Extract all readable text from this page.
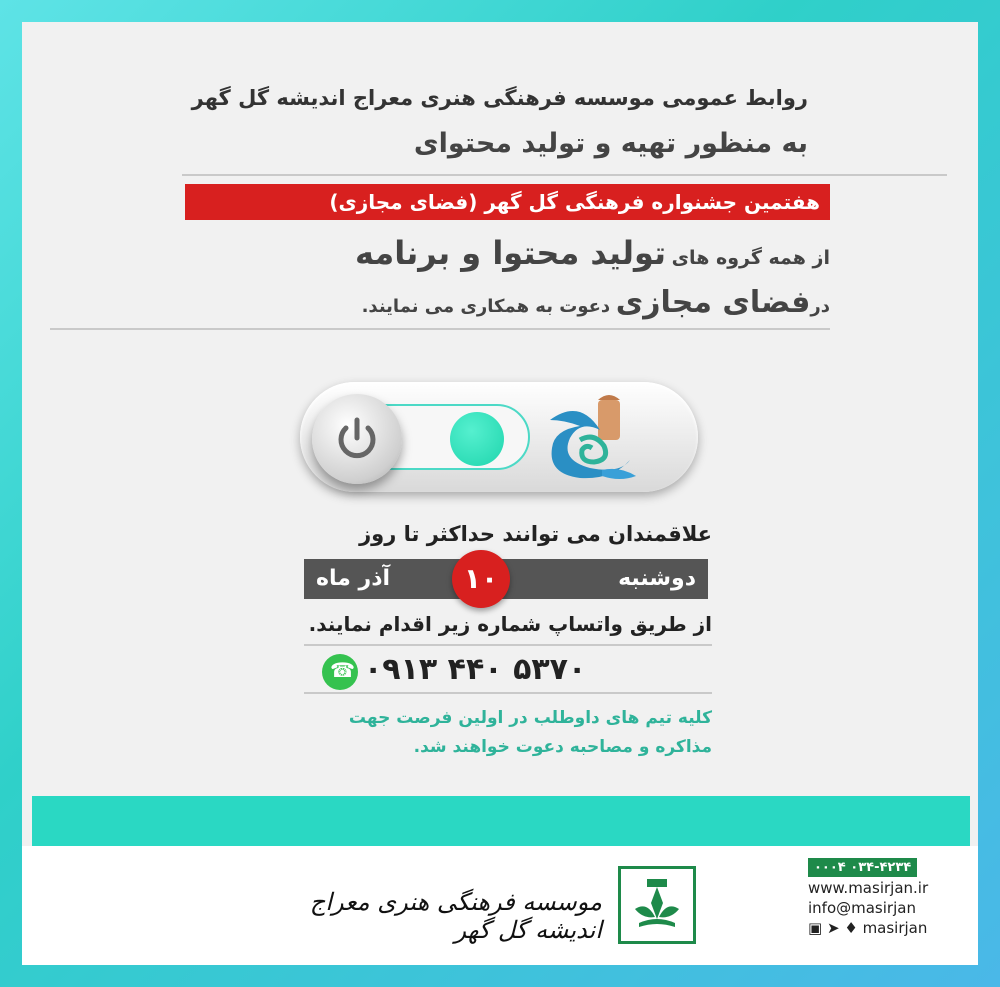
روابط عمومی موسسه فرهنگی هنری معراج اندیشه گل گهر
به منظور تهیه و تولید محتوای
هفتمین جشنواره فرهنگی گل گهر (فضای مجازی)
از همه گروه های تولید محتوا و برنامه
درفضای مجازی دعوت به همکاری می نمایند.
علاقمندان می توانند حداکثر تا روز
آذر ماه	۱۰	دوشنبه
از طریق واتساپ شماره زیر اقدام نمایند.
☎
۰۹۱۳ ۴۴۰ ۵۳۷۰
کلیه تیم های داوطلب در اولین فرصت جهت
مذاکره و مصاحبه دعوت خواهند شد.
موسسه فرهنگی هنری معراج اندیشه گل گهر
۰۳۴-۴۲۳۴ ۰۰۰۴
www.masirjan.ir
info@masirjan
▣ ➤ ♦ masirjan
